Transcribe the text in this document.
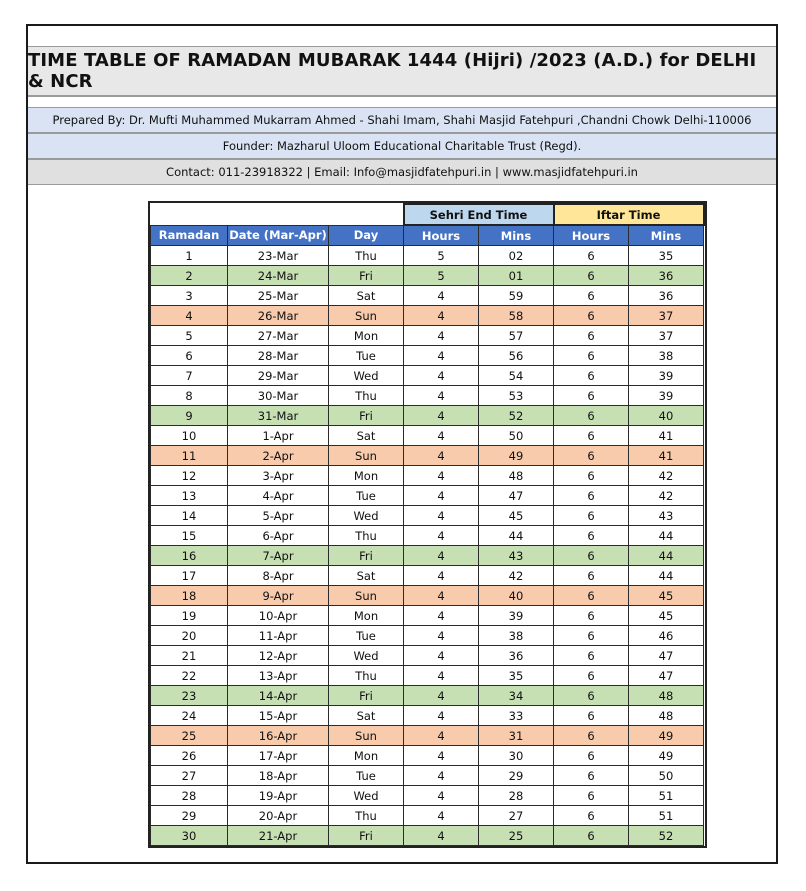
TIME TABLE OF RAMADAN MUBARAK 1444 (Hijri) /2023 (A.D.) for DELHI & NCR
Prepared By: Dr. Mufti Muhammed Mukarram Ahmed - Shahi Imam, Shahi Masjid Fatehpuri ,Chandni Chowk Delhi-110006
Founder: Mazharul Uloom Educational Charitable Trust (Regd).
Contact: 011-23918322 | Email: Info@masjidfatehpuri.in | www.masjidfatehpuri.in
			Sehri End Time		Iftar Time	
Ramadan	Date (Mar-Apr)	Day	Hours	Mins	Hours	Mins
1	23-Mar	Thu	5	02	6	35
2	24-Mar	Fri	5	01	6	36
3	25-Mar	Sat	4	59	6	36
4	26-Mar	Sun	4	58	6	37
5	27-Mar	Mon	4	57	6	37
6	28-Mar	Tue	4	56	6	38
7	29-Mar	Wed	4	54	6	39
8	30-Mar	Thu	4	53	6	39
9	31-Mar	Fri	4	52	6	40
10	1-Apr	Sat	4	50	6	41
11	2-Apr	Sun	4	49	6	41
12	3-Apr	Mon	4	48	6	42
13	4-Apr	Tue	4	47	6	42
14	5-Apr	Wed	4	45	6	43
15	6-Apr	Thu	4	44	6	44
16	7-Apr	Fri	4	43	6	44
17	8-Apr	Sat	4	42	6	44
18	9-Apr	Sun	4	40	6	45
19	10-Apr	Mon	4	39	6	45
20	11-Apr	Tue	4	38	6	46
21	12-Apr	Wed	4	36	6	47
22	13-Apr	Thu	4	35	6	47
23	14-Apr	Fri	4	34	6	48
24	15-Apr	Sat	4	33	6	48
25	16-Apr	Sun	4	31	6	49
26	17-Apr	Mon	4	30	6	49
27	18-Apr	Tue	4	29	6	50
28	19-Apr	Wed	4	28	6	51
29	20-Apr	Thu	4	27	6	51
30	21-Apr	Fri	4	25	6	52
